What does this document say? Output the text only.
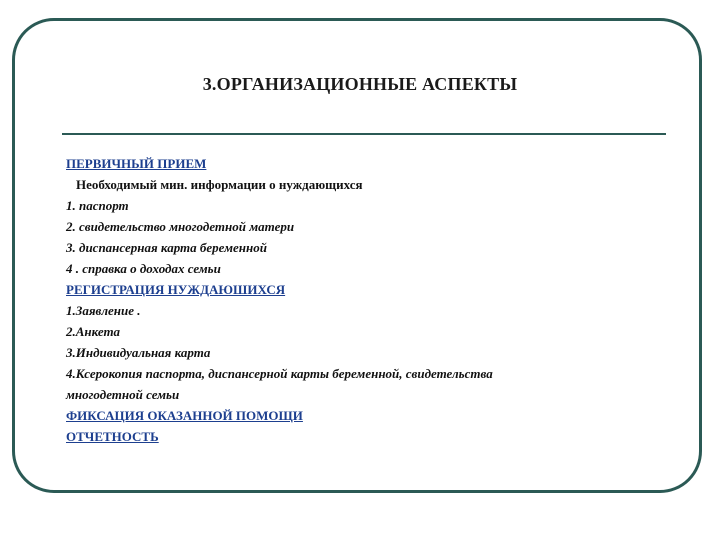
3.ОРГАНИЗАЦИОННЫЕ АСПЕКТЫ
ПЕРВИЧНЫЙ ПРИЕМ
Необходимый мин. информации о нуждающихся
1. паспорт
2. свидетельство многодетной матери
3. диспансерная карта беременной
4 . справка о доходах семьи
РЕГИСТРАЦИЯ НУЖДАЮШИХСЯ
1.Заявление .
2.Анкета
3.Индивидуальная карта
4.Ксерокопия паспорта, диспансерной карты беременной, свидетельства
многодетной семьи
ФИКСАЦИЯ ОКАЗАННОЙ ПОМОЩИ
ОТЧЕТНОСТЬ
